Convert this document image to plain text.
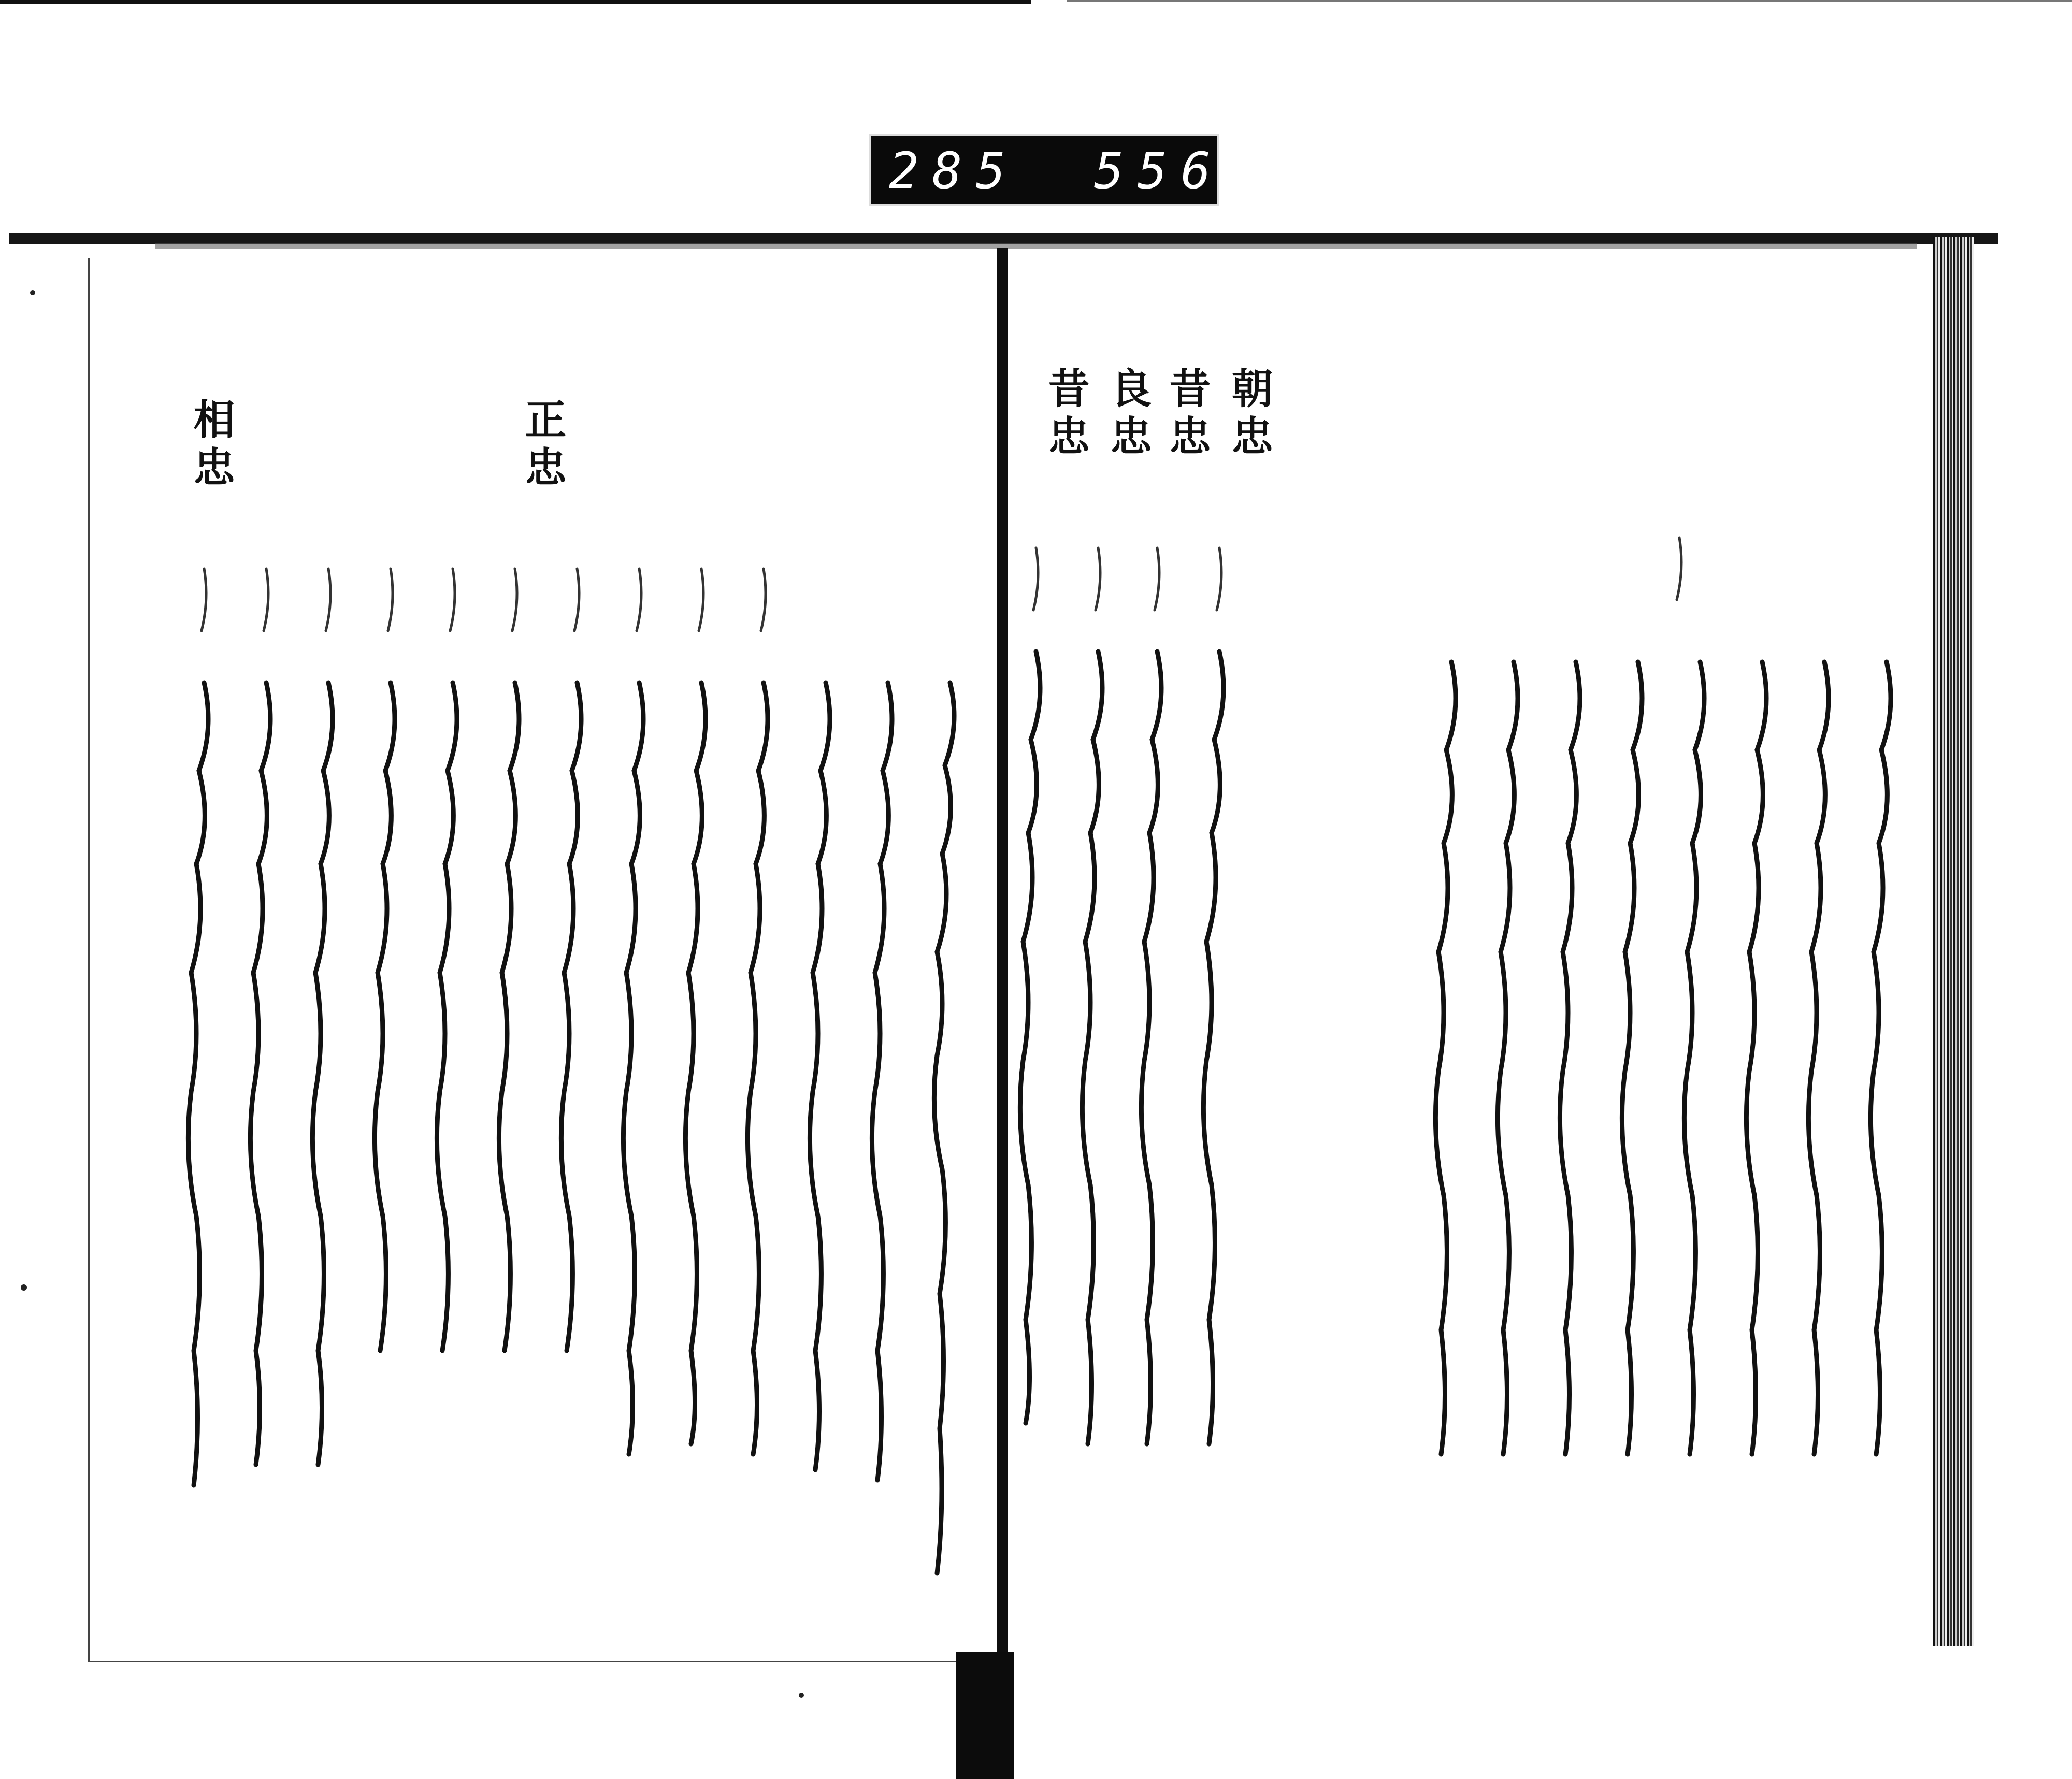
285 556.
正忠
相忠	朝忠
昔忠
良忠
昔忠
